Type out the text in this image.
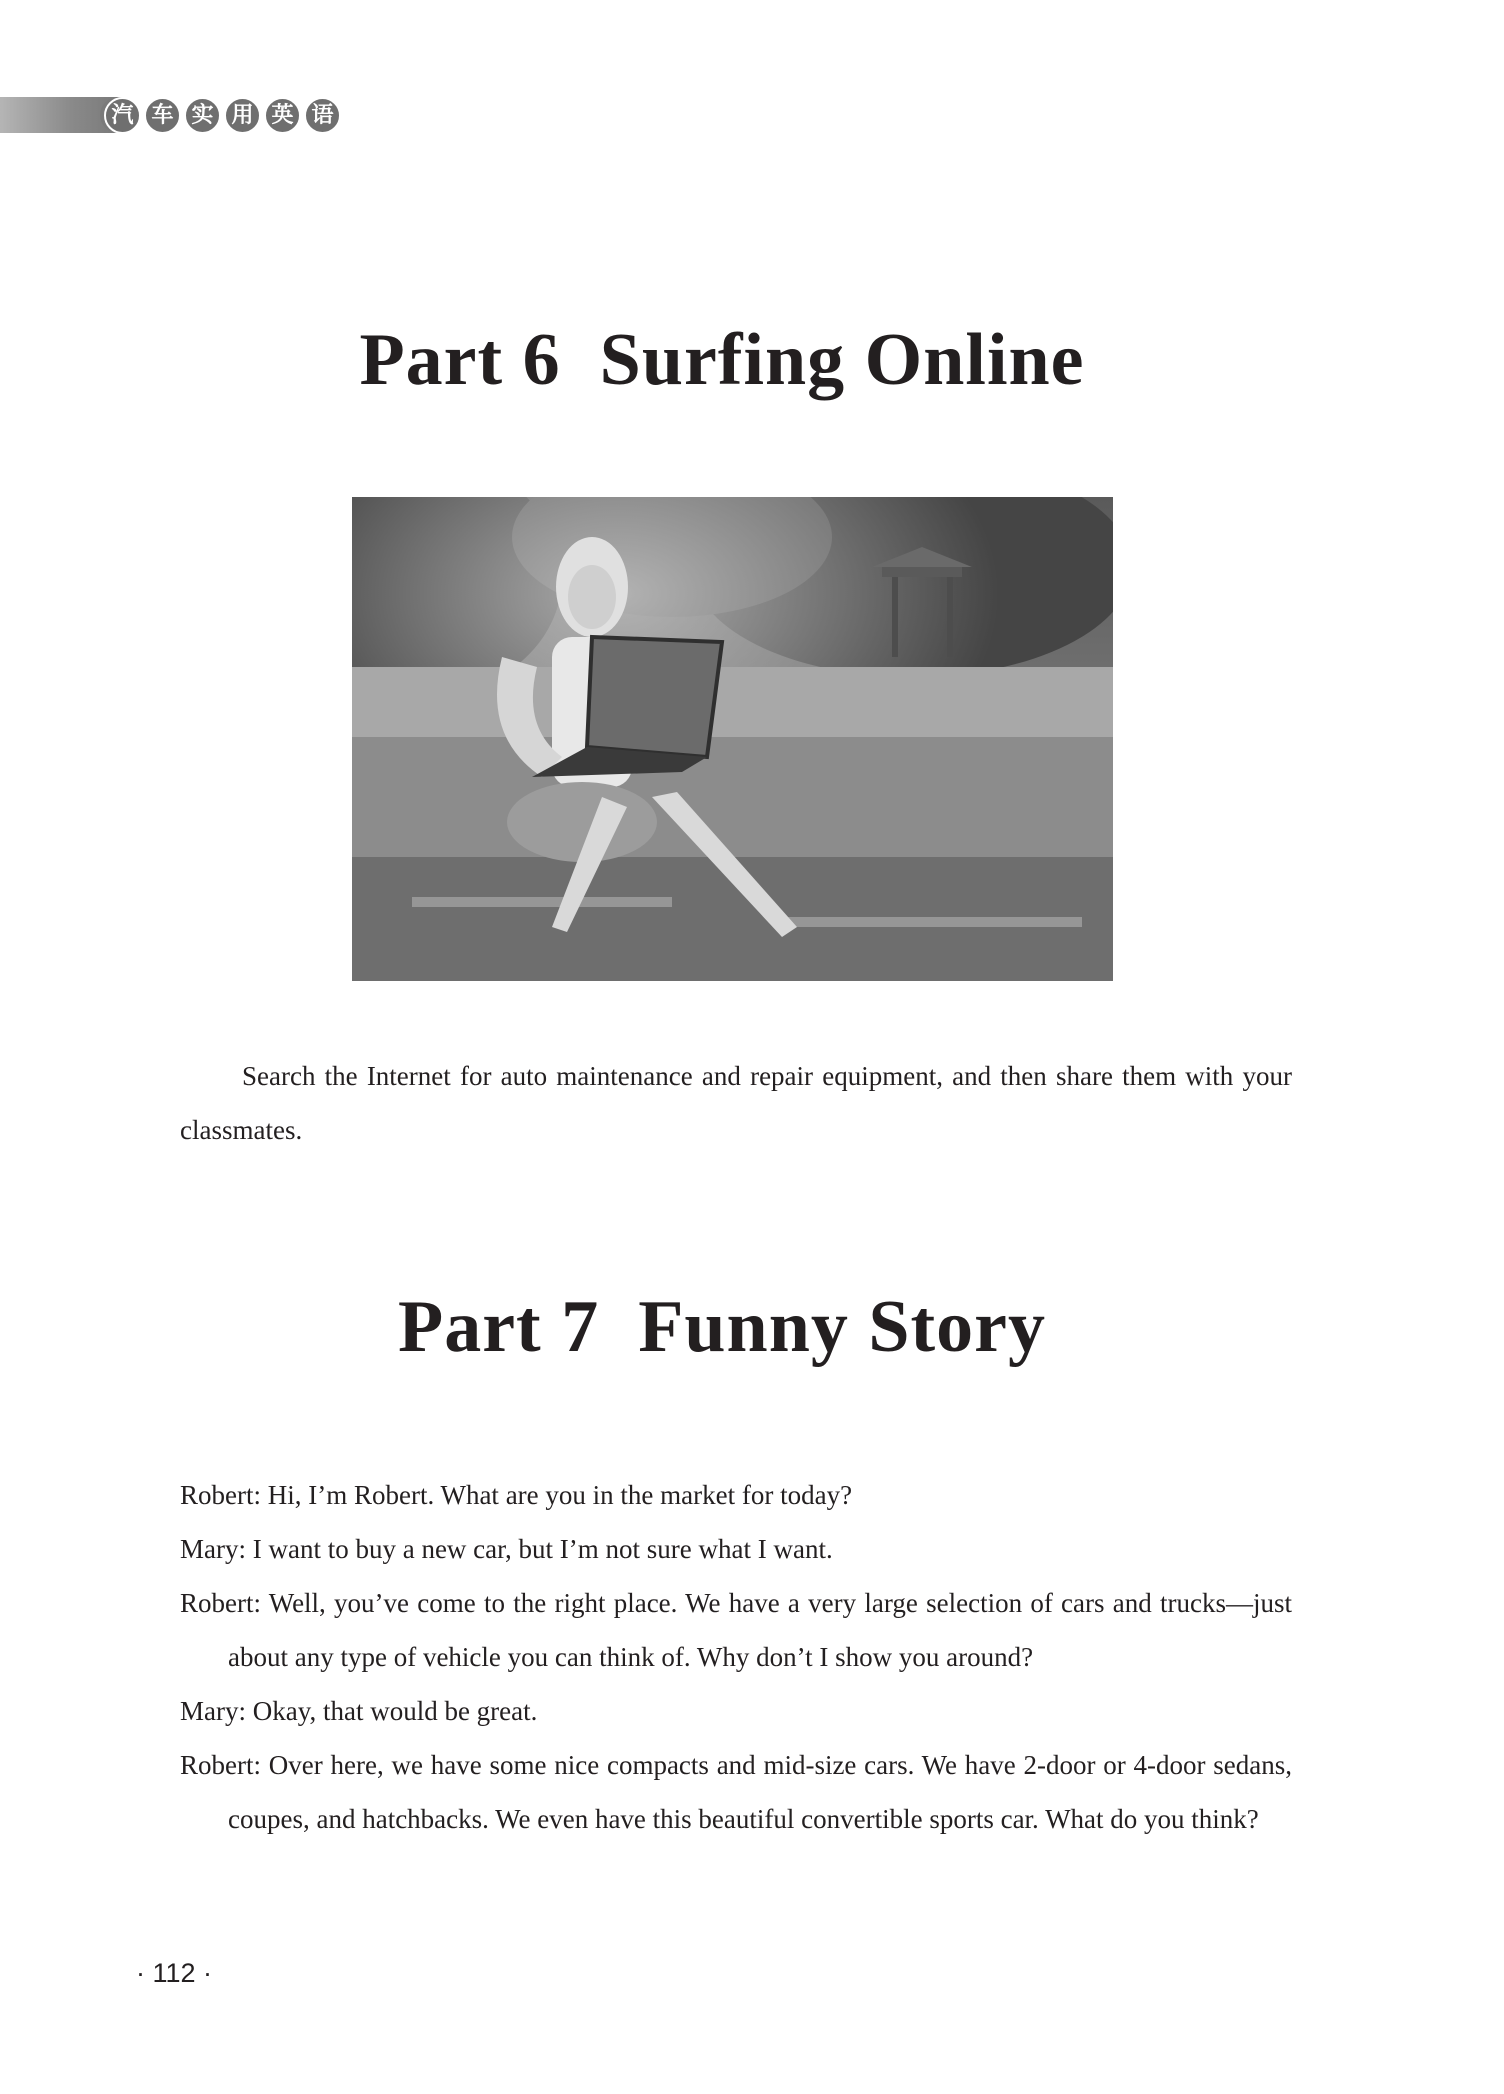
汽 车 实 用 英 语
Part 6  Surfing Online

Search the Internet for auto maintenance and repair equipment, and then share them with your classmates.

Part 7  Funny Story
Robert: Hi, I’m Robert. What are you in the market for today?
Mary: I want to buy a new car, but I’m not sure what I want.
Robert: Well, you’ve come to the right place. We have a very large selection of cars and trucks—just about any type of vehicle you can think of. Why don’t I show you around?
Mary: Okay, that would be great.
Robert: Over here, we have some nice compacts and mid-size cars. We have 2-door or 4-door sedans, coupes, and hatchbacks. We even have this beautiful convertible sports car. What do you think?
· 112 ·
